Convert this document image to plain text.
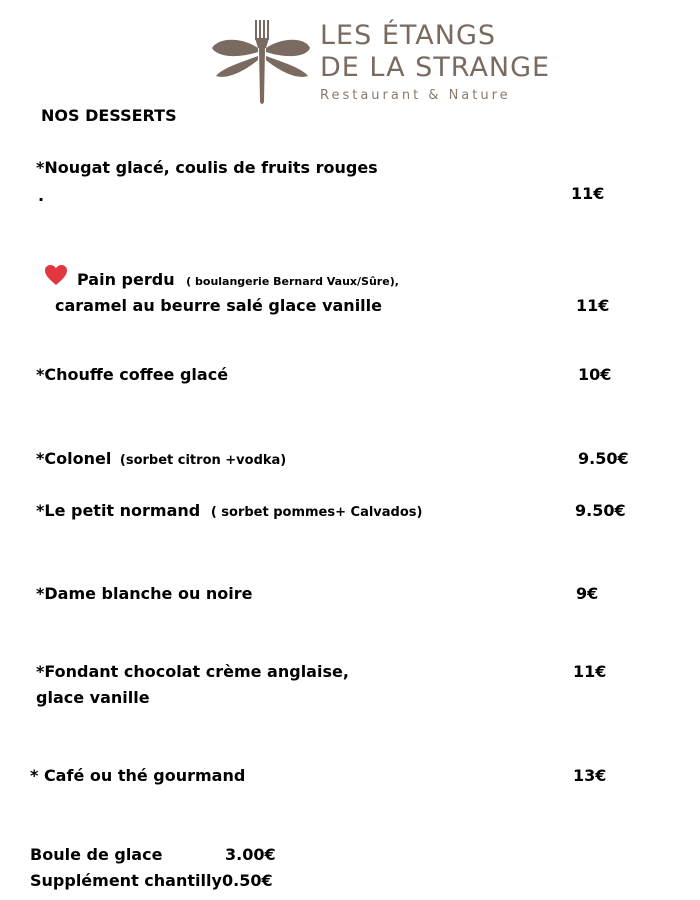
LES ÉTANGS
DE LA STRANGE
Restaurant & Nature
NOS DESSERTS
*Nougat glacé, coulis de fruits rouges
.	11€
Pain perdu ( boulangerie Bernard Vaux/Sûre),
caramel au beurre salé glace vanille	11€
*Chouffe coffee glacé	10€
*Colonel (sorbet citron +vodka)	9.50€
*Le petit normand ( sorbet pommes+ Calvados)	9.50€
*Dame blanche ou noire	9€
*Fondant chocolat crème anglaise,
glace vanille
11€
* Café ou thé gourmand	13€
Boule de glace	3.00€
Supplément chantilly 0.50€
